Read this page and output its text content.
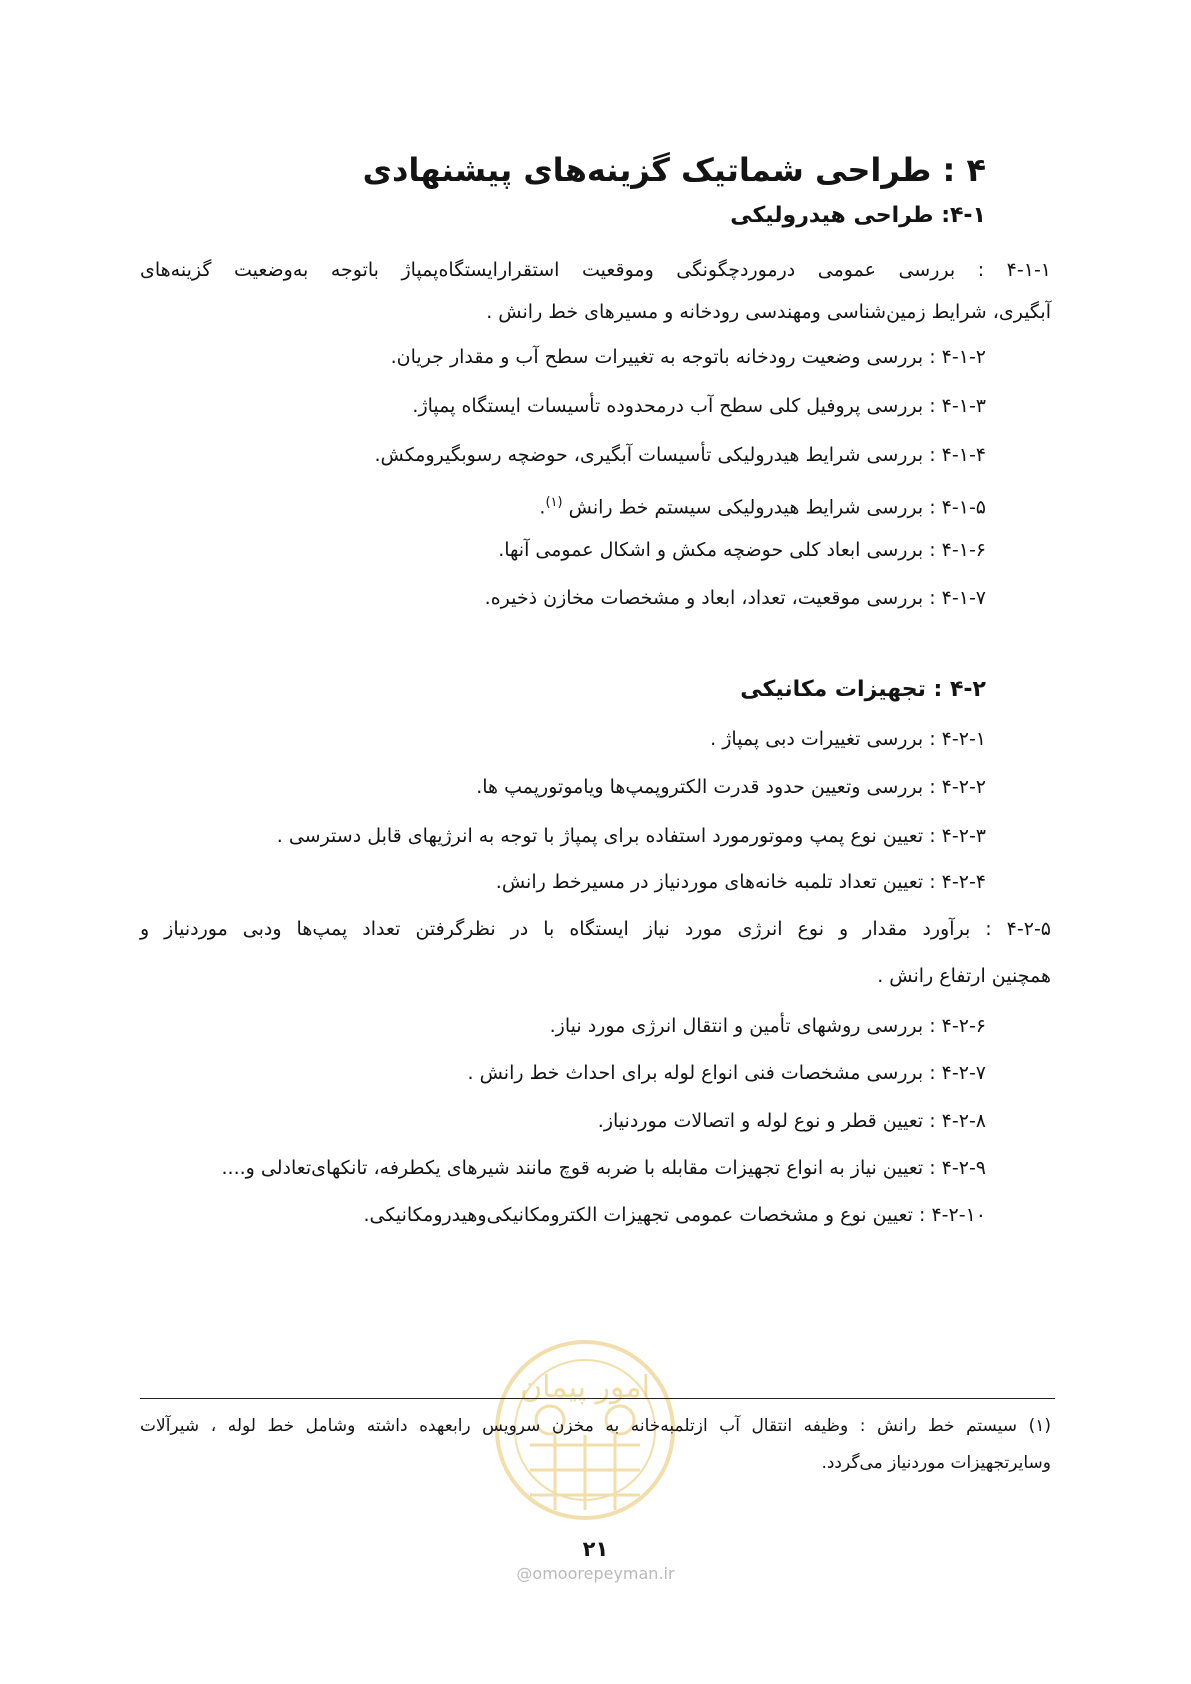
۴ : طراحی شماتیک گزینه‌های پیشنهادی
۴-۱: طراحی هیدرولیکی
۴-۱-۱ : بررسی عمومی درموردچگونگی وموقعیت استقرارایستگاه‌پمپاژ باتوجه به‌وضعیت گزینه‌های
آبگیری، شرایط زمین‌شناسی ومهندسی رودخانه و مسیرهای خط رانش .
۴-۱-۲ : بررسی وضعیت رودخانه باتوجه به تغییرات سطح آب و مقدار جریان.
۴-۱-۳ : بررسی پروفیل کلی سطح آب درمحدوده تأسیسات ایستگاه پمپاژ.
۴-۱-۴ : بررسی شرایط هیدرولیکی تأسیسات آبگیری، حوضچه رسوبگیرومکش.
۴-۱-۵ : بررسی شرایط هیدرولیکی سیستم خط رانش $^{(۱)}$.
۴-۱-۶ : بررسی ابعاد کلی حوضچه مکش و اشکال عمومی آنها.
۴-۱-۷ : بررسی موقعیت، تعداد، ابعاد و مشخصات مخازن ذخیره.
۴-۲ : تجهیزات مکانیکی
۴-۲-۱ : بررسی تغییرات دبی پمپاژ .
۴-۲-۲ : بررسی وتعیین حدود قدرت الکتروپمپ‌ها ویاموتورپمپ ها.
۴-۲-۳ : تعیین نوع پمپ وموتورمورد استفاده برای پمپاژ با توجه به انرژیهای قابل دسترسی .
۴-۲-۴ : تعیین تعداد تلمبه خانه‌های موردنیاز در مسیرخط رانش.
۴-۲-۵ : برآورد مقدار و نوع انرژی مورد نیاز ایستگاه با در نظرگرفتن تعداد پمپ‌ها ودبی موردنیاز و
همچنین ارتفاع رانش .
۴-۲-۶ : بررسی روشهای تأمین و انتقال انرژی مورد نیاز.
۴-۲-۷ : بررسی مشخصات فنی انواع لوله برای احداث خط رانش .
۴-۲-۸ : تعیین قطر و نوع لوله و اتصالات موردنیاز.
۴-۲-۹ : تعیین نیاز به انواع تجهیزات مقابله با ضربه قوچ مانند شیرهای یکطرفه، تانکهای‌تعادلی و....
۴-۲-۱۰ : تعیین نوع و مشخصات عمومی تجهیزات الکترومکانیکی‌وهیدرومکانیکی.
امور پیمان
(۱) سیستم خط رانش : وظیفه انتقال آب ازتلمبه‌خانه به مخزن سرویس رابعهده داشته وشامل خط لوله ، شیرآلات
وسایرتجهیزات موردنیاز می‌گردد.
۲۱
@omoorepeyman.ir
